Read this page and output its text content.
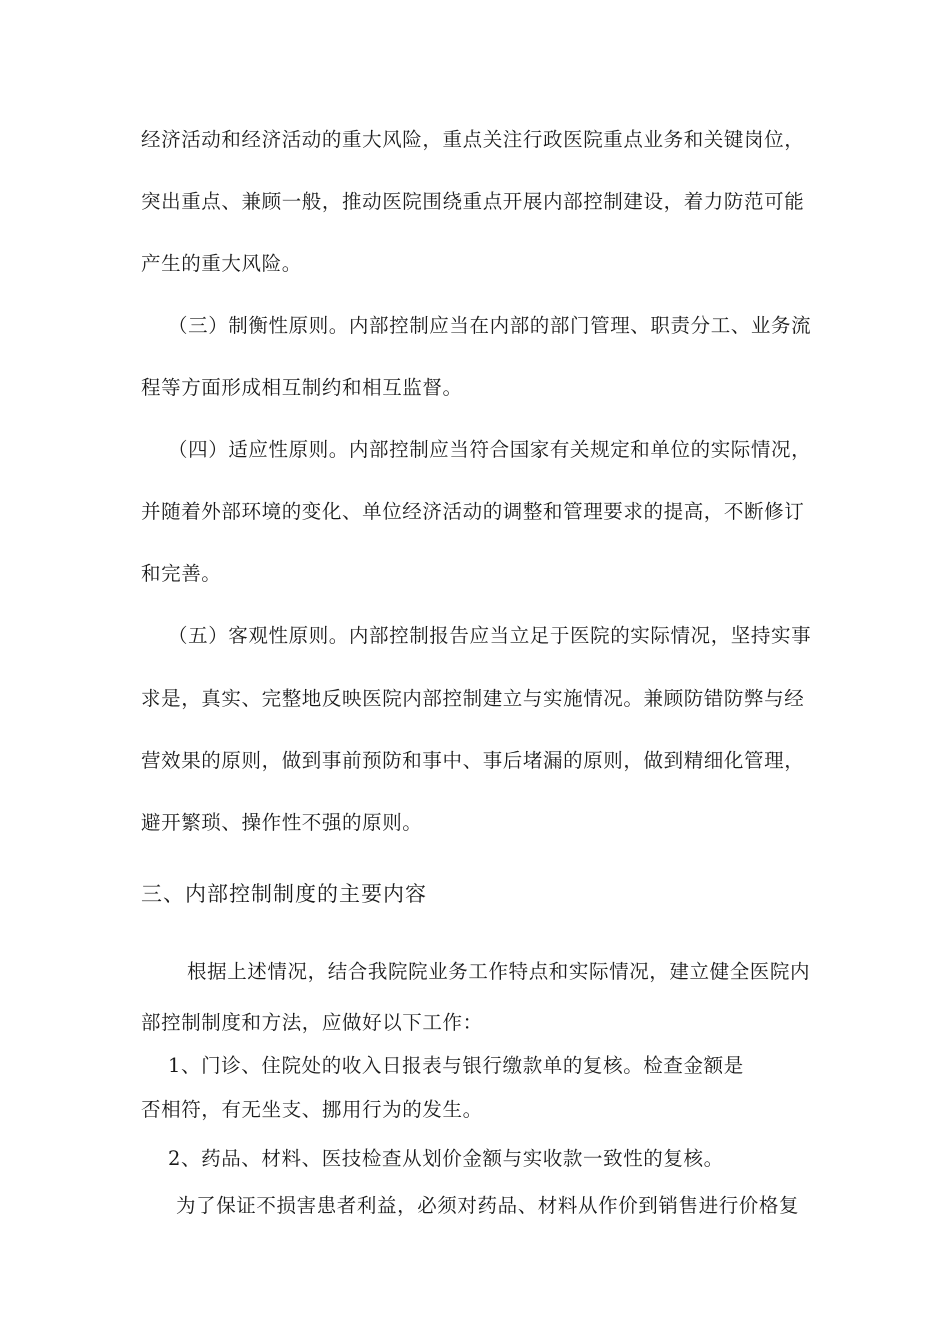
经济活动和经济活动的重大风险，重点关注行政医院重点业务和关键岗位，
突出重点、兼顾一般，推动医院围绕重点开展内部控制建设，着力防范可能
产生的重大风险。
（三）制衡性原则。内部控制应当在内部的部门管理、职责分工、业务流
程等方面形成相互制约和相互监督。
（四）适应性原则。内部控制应当符合国家有关规定和单位的实际情况，
并随着外部环境的变化、单位经济活动的调整和管理要求的提高，不断修订
和完善。
（五）客观性原则。内部控制报告应当立足于医院的实际情况，坚持实事
求是，真实、完整地反映医院内部控制建立与实施情况。兼顾防错防弊与经
营效果的原则，做到事前预防和事中、事后堵漏的原则，做到精细化管理，
避开繁琐、操作性不强的原则。
三、内部控制制度的主要内容
根据上述情况，结合我院院业务工作特点和实际情况，建立健全医院内
部控制制度和方法，应做好以下工作：
1、门诊、住院处的收入日报表与银行缴款单的复核。检查金额是
否相符，有无坐支、挪用行为的发生。
2、药品、材料、医技检查从划价金额与实收款一致性的复核。
为了保证不损害患者利益，必须对药品、材料从作价到销售进行价格复
